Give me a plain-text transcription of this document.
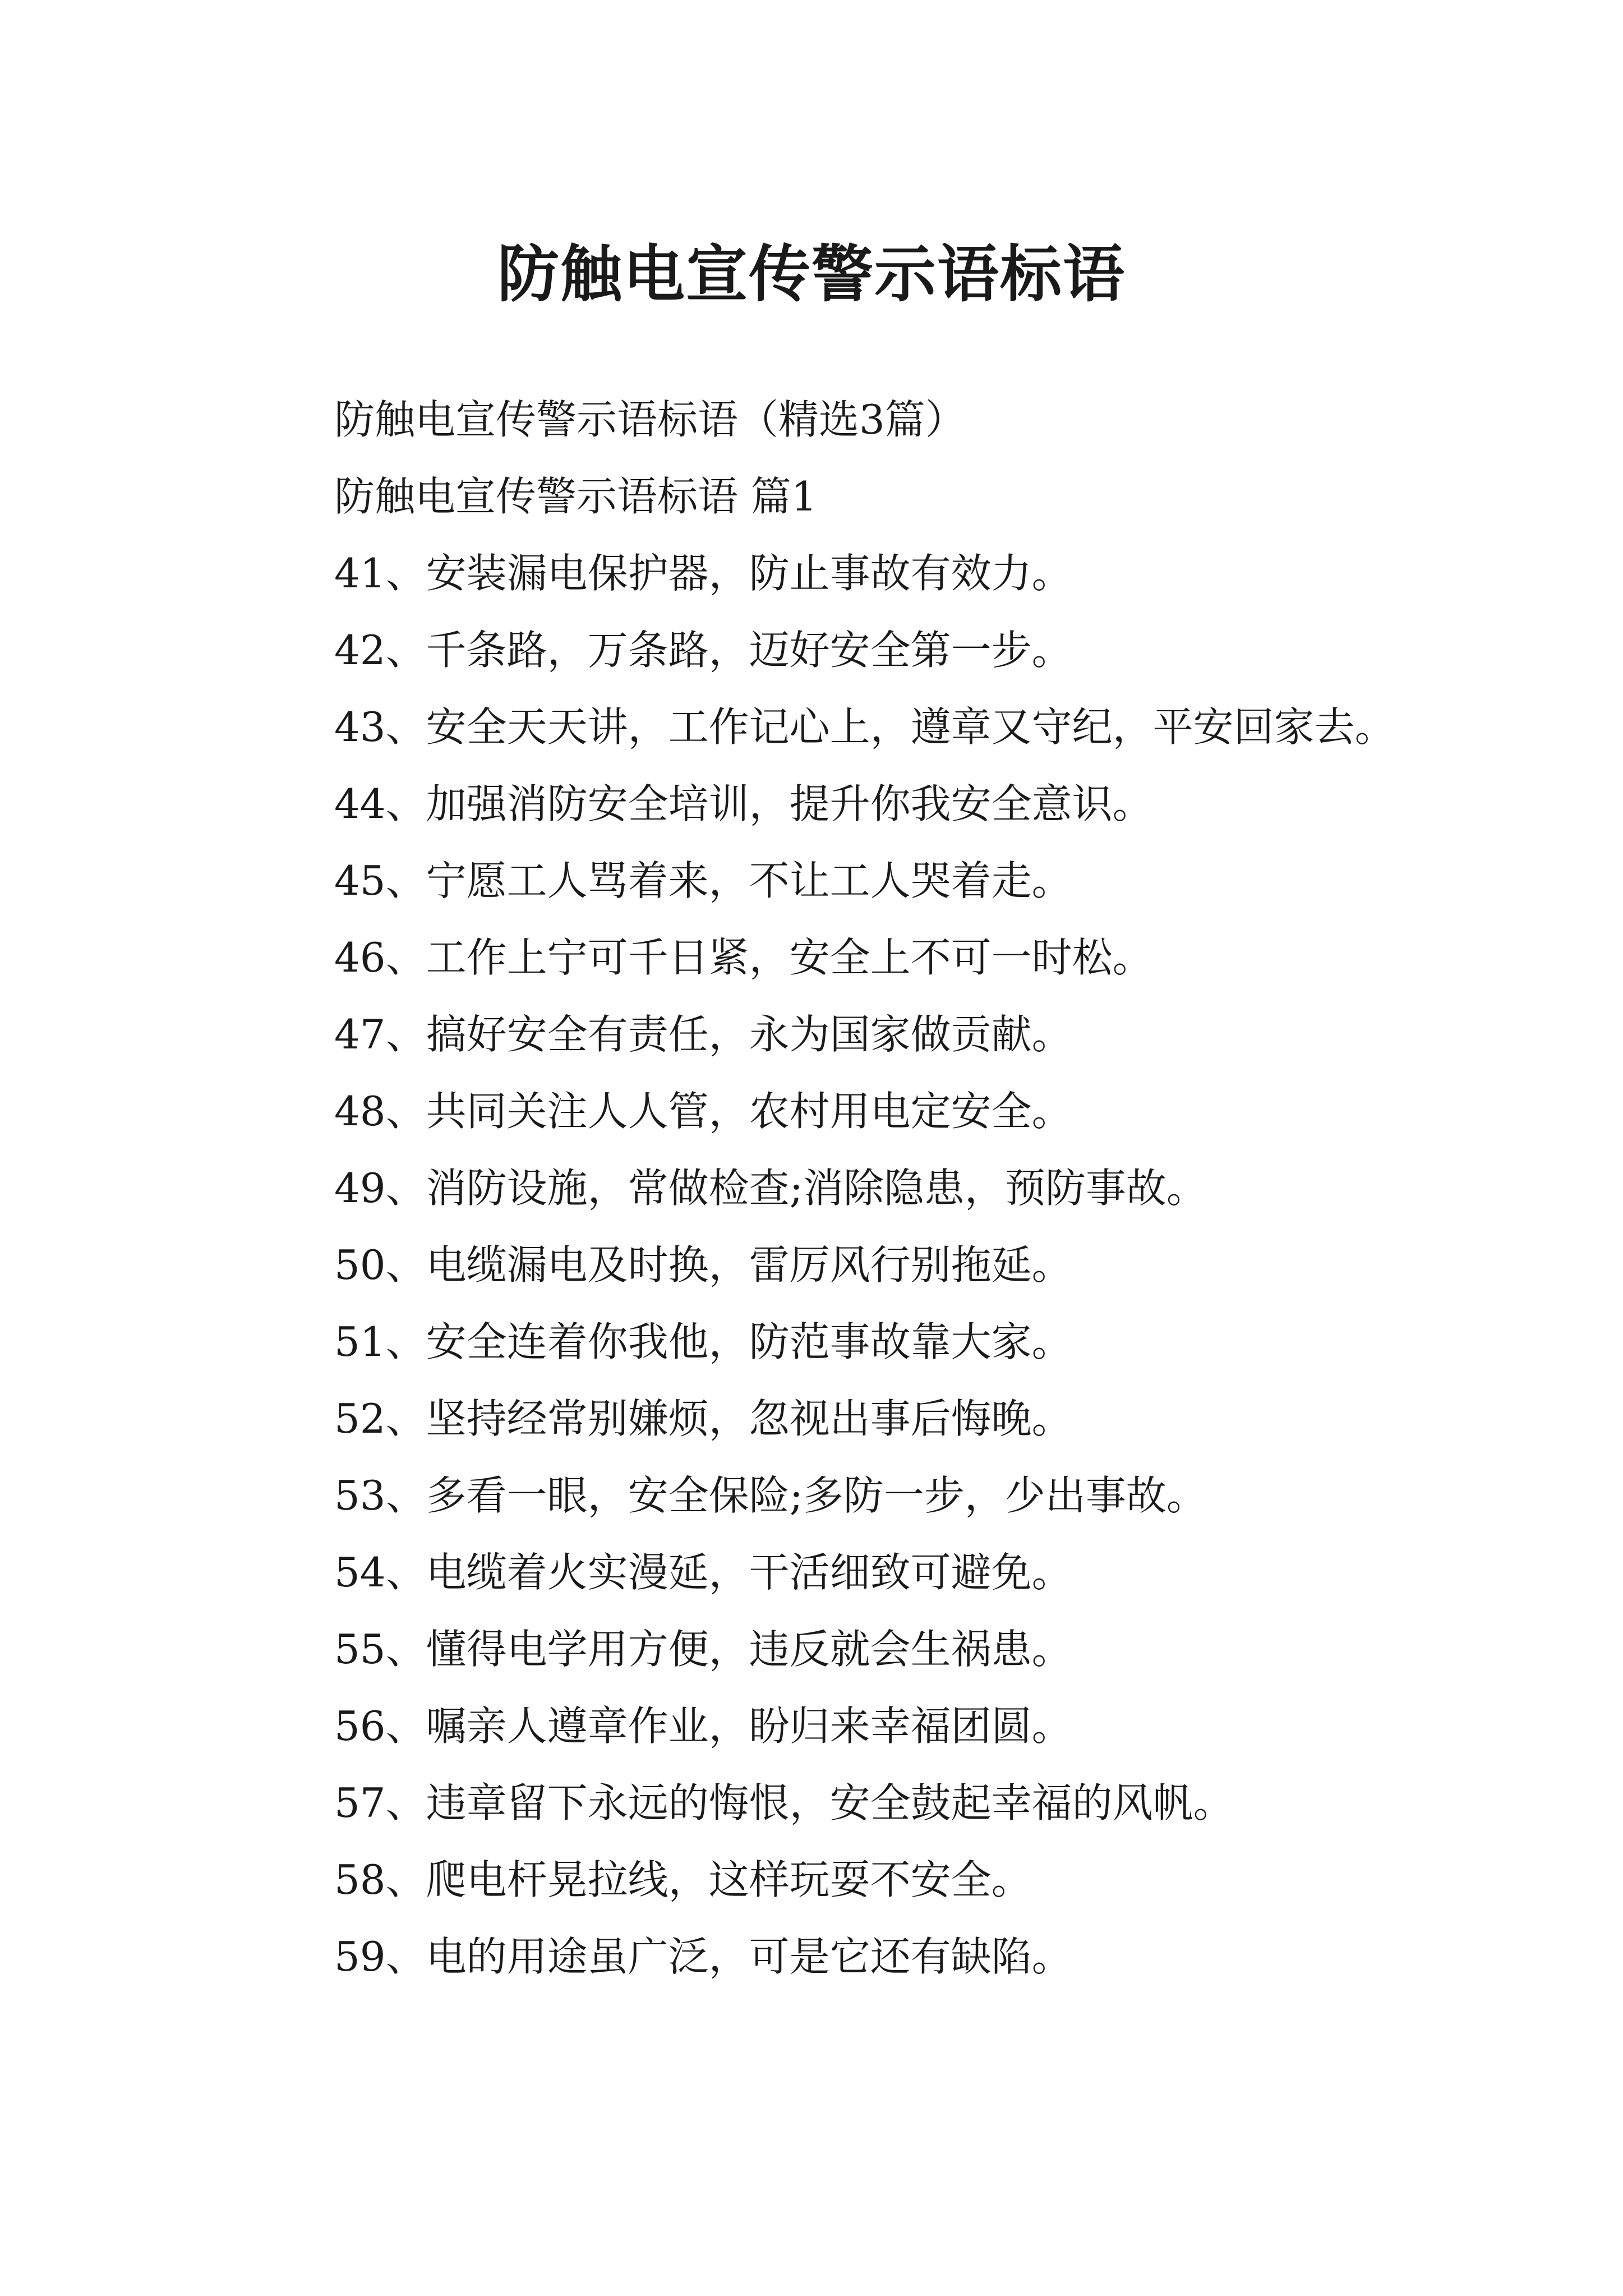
防触电宣传警示语标语

防触电宣传警示语标语（精选3篇）

防触电宣传警示语标语 篇1

41、安装漏电保护器，防止事故有效力。

42、千条路，万条路，迈好安全第一步。

43、安全天天讲，工作记心上，遵章又守纪，平安回家去。

44、加强消防安全培训，提升你我安全意识。

45、宁愿工人骂着来，不让工人哭着走。

46、工作上宁可千日紧，安全上不可一时松。

47、搞好安全有责任，永为国家做贡献。

48、共同关注人人管，农村用电定安全。

49、消防设施，常做检查;消除隐患，预防事故。

50、电缆漏电及时换，雷厉风行别拖延。

51、安全连着你我他，防范事故靠大家。

52、坚持经常别嫌烦，忽视出事后悔晚。

53、多看一眼，安全保险;多防一步，少出事故。

54、电缆着火实漫延，干活细致可避免。

55、懂得电学用方便，违反就会生祸患。

56、嘱亲人遵章作业，盼归来幸福团圆。

57、违章留下永远的悔恨，安全鼓起幸福的风帆。

58、爬电杆晃拉线，这样玩耍不安全。

59、电的用途虽广泛，可是它还有缺陷。
